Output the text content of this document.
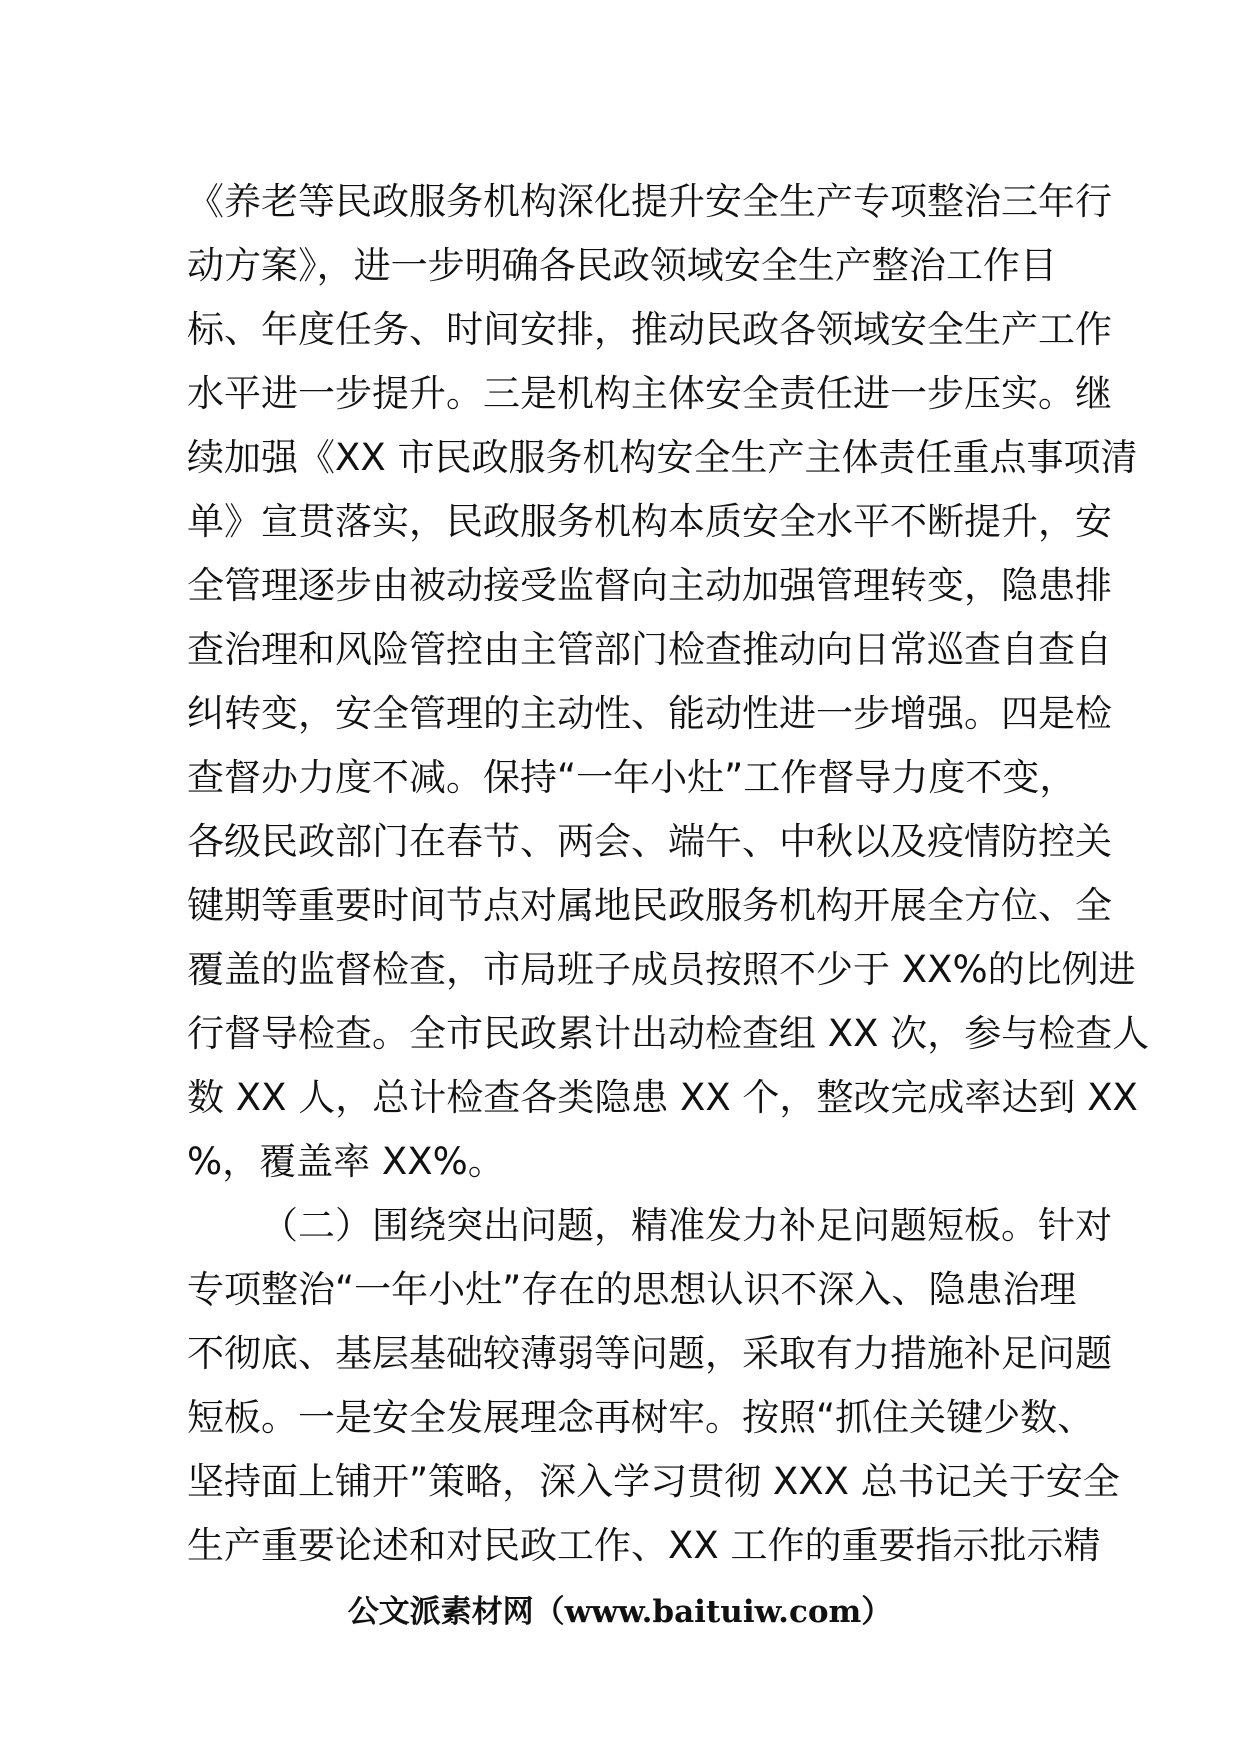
《养老等民政服务机构深化提升安全生产专项整治三年行
动方案》，进一步明确各民政领域安全生产整治工作目
标、年度任务、时间安排，推动民政各领域安全生产工作
水平进一步提升。三是机构主体安全责任进一步压实。继
续加强《XX 市民政服务机构安全生产主体责任重点事项清
单》宣贯落实，民政服务机构本质安全水平不断提升，安
全管理逐步由被动接受监督向主动加强管理转变，隐患排
查治理和风险管控由主管部门检查推动向日常巡查自查自
纠转变，安全管理的主动性、能动性进一步增强。四是检
查督办力度不减。保持“一年小灶”工作督导力度不变，
各级民政部门在春节、两会、端午、中秋以及疫情防控关
键期等重要时间节点对属地民政服务机构开展全方位、全
覆盖的监督检查，市局班子成员按照不少于 XX%的比例进
行督导检查。全市民政累计出动检查组 XX 次，参与检查人
数 XX 人，总计检查各类隐患 XX 个，整改完成率达到 XX
%，覆盖率 XX%。
（二）围绕突出问题，精准发力补足问题短板。针对
专项整治“一年小灶”存在的思想认识不深入、隐患治理
不彻底、基层基础较薄弱等问题，采取有力措施补足问题
短板。一是安全发展理念再树牢。按照“抓住关键少数、
坚持面上铺开”策略，深入学习贯彻 XXX 总书记关于安全
生产重要论述和对民政工作、XX 工作的重要指示批示精
公文派素材网（www.baituiw.com）
